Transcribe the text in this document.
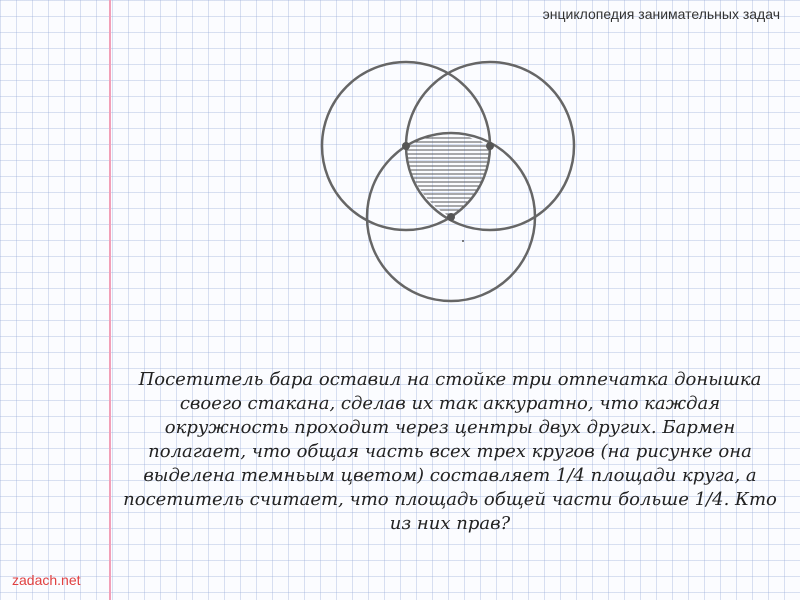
энциклопедия занимательных задач
Посетитель бара оставил на стойке три отпечатка донышка своего стакана, сделав их так аккуратно, что каждая окружность проходит через центры двух других. Бармен полагает, что общая часть всех трех кругов (на рисунке она выделена темньым цветом) составляет 1/4 площади круга, а посетитель считает, что площадь общей части больше 1/4. Кто из них прав?
zadach.net
